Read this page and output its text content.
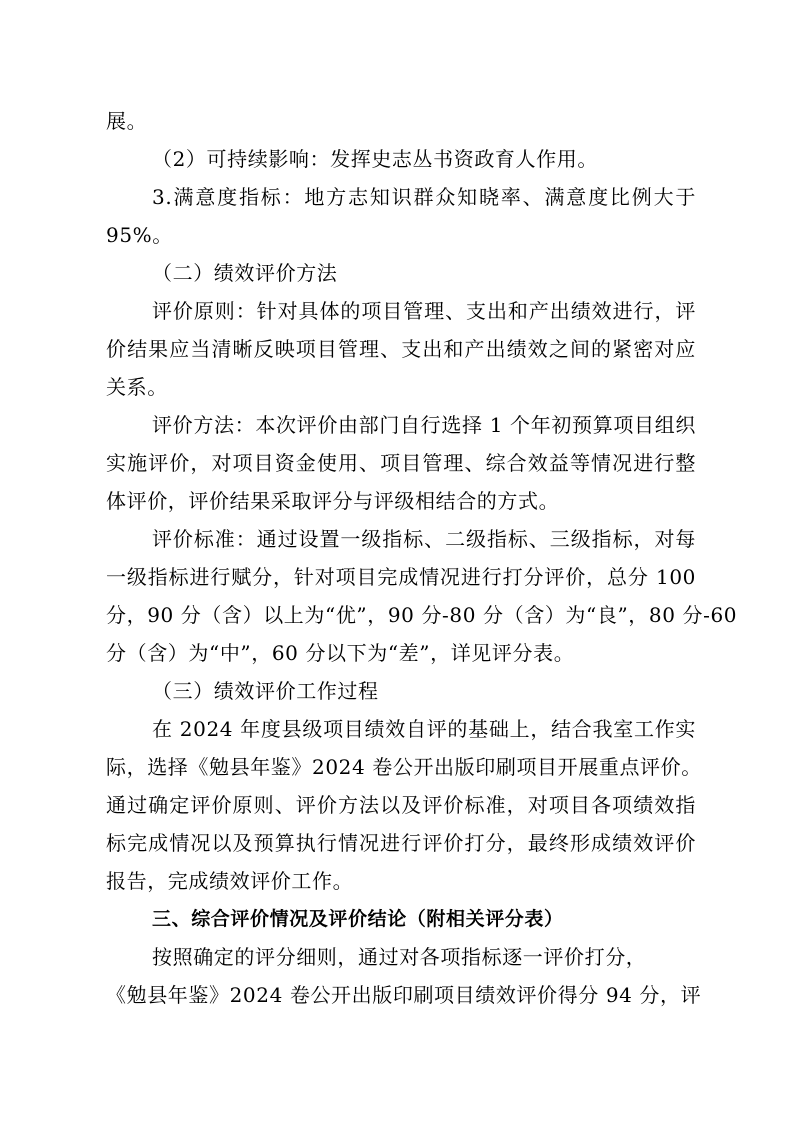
展。
（2）可持续影响：发挥史志丛书资政育人作用。
3.满意度指标：地方志知识群众知晓率、满意度比例大于
95%。
（二）绩效评价方法
评价原则：针对具体的项目管理、支出和产出绩效进行，评
价结果应当清晰反映项目管理、支出和产出绩效之间的紧密对应
关系。
评价方法：本次评价由部门自行选择 1 个年初预算项目组织
实施评价，对项目资金使用、项目管理、综合效益等情况进行整
体评价，评价结果采取评分与评级相结合的方式。
评价标准：通过设置一级指标、二级指标、三级指标，对每
一级指标进行赋分，针对项目完成情况进行打分评价，总分 100
分，90 分（含）以上为“优”，90 分-80 分（含）为“良”，80 分-60
分（含）为“中”，60 分以下为“差”，详见评分表。
（三）绩效评价工作过程
在 2024 年度县级项目绩效自评的基础上，结合我室工作实
际，选择《勉县年鉴》2024 卷公开出版印刷项目开展重点评价。
通过确定评价原则、评价方法以及评价标准，对项目各项绩效指
标完成情况以及预算执行情况进行评价打分，最终形成绩效评价
报告，完成绩效评价工作。
三、综合评价情况及评价结论（附相关评分表）
按照确定的评分细则，通过对各项指标逐一评价打分，
《勉县年鉴》2024 卷公开出版印刷项目绩效评价得分 94 分，评
